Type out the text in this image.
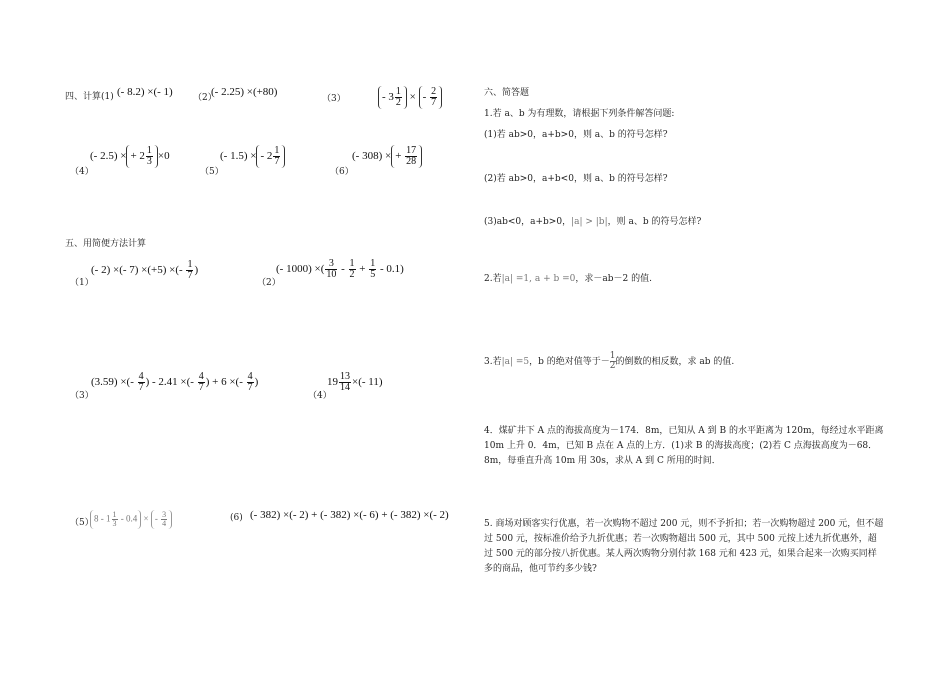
四、计算(1) (- 8.2) ×(- 1) （2）
(- 2.25) ×(+80)
（3）	- $3 \frac{1}{2}$ × - $\frac{2}{7}$
（4）
(- 2.5) × + $2 \frac{1}{3} \times 0$
（5）
(- 1.5) × - $2 \frac{1}{7}$
（6）
(- 308) × + $\frac{17}{28}$
五、用简便方法计算
（1）
(- 2) ×(- 7) ×(+5) ×(- $\frac{1}{7}$ )
（2）
(- 1000) ×( $\frac{3}{10} - \frac{1}{2} + \frac{1}{5} - 0.1$)
（3）
(3.59) ×(- $\frac{4}{7}$ ) - 2.41 ×(- $\frac{4}{7}$ ) + 6 ×(- $\frac{4}{7}$ )
（4）
$19 \frac{13}{14}$ ×(- 11)
（5） $8 - 1 \frac{1}{3} - 0.4$ × - $\frac{3}{4}$	(6) (- 382) ×(- 2) + (- 382) ×(- 6) + (- 382) ×(- 2)
六、简答题
1.若 a、b 为有理数，请根据下列条件解答问题:
(1)若 ab>0，a+b>0，则 a、b 的符号怎样?
(2)若 ab>0，a+b<0，则 a、b 的符号怎样?
(3)ab<0，a+b>0，|a| > |b|，则 a、b 的符号怎样?
2.若|a| =1, a + b =0，求－ab－2 的值.
3.若|a| =5，b 的绝对值等于－ $\frac{1}{2}$ 的倒数的相反数，求 ab 的值.
4．煤矿井下 A 点的海拔高度为－174．8m，已知从 A 到 B 的水平距离为 120m，每经过水平距离 10m 上升 0．4m，已知 B 点在 A 点的上方．(1)求 B 的海拔高度；(2)若 C 点海拔高度为－68．8m，每垂直升高 10m 用 30s，求从 A 到 C 所用的时间．
5. 商场对顾客实行优惠，若一次购物不超过 200 元，则不予折扣；若一次购物超过 200 元，但不超过 500 元，按标准价给予九折优惠；若一次购物超出 500 元，其中 500 元按上述九折优惠外，超过 500 元的部分按八折优惠。某人两次购物分别付款 168 元和 423 元，如果合起来一次购买同样多的商品，他可节约多少钱?
